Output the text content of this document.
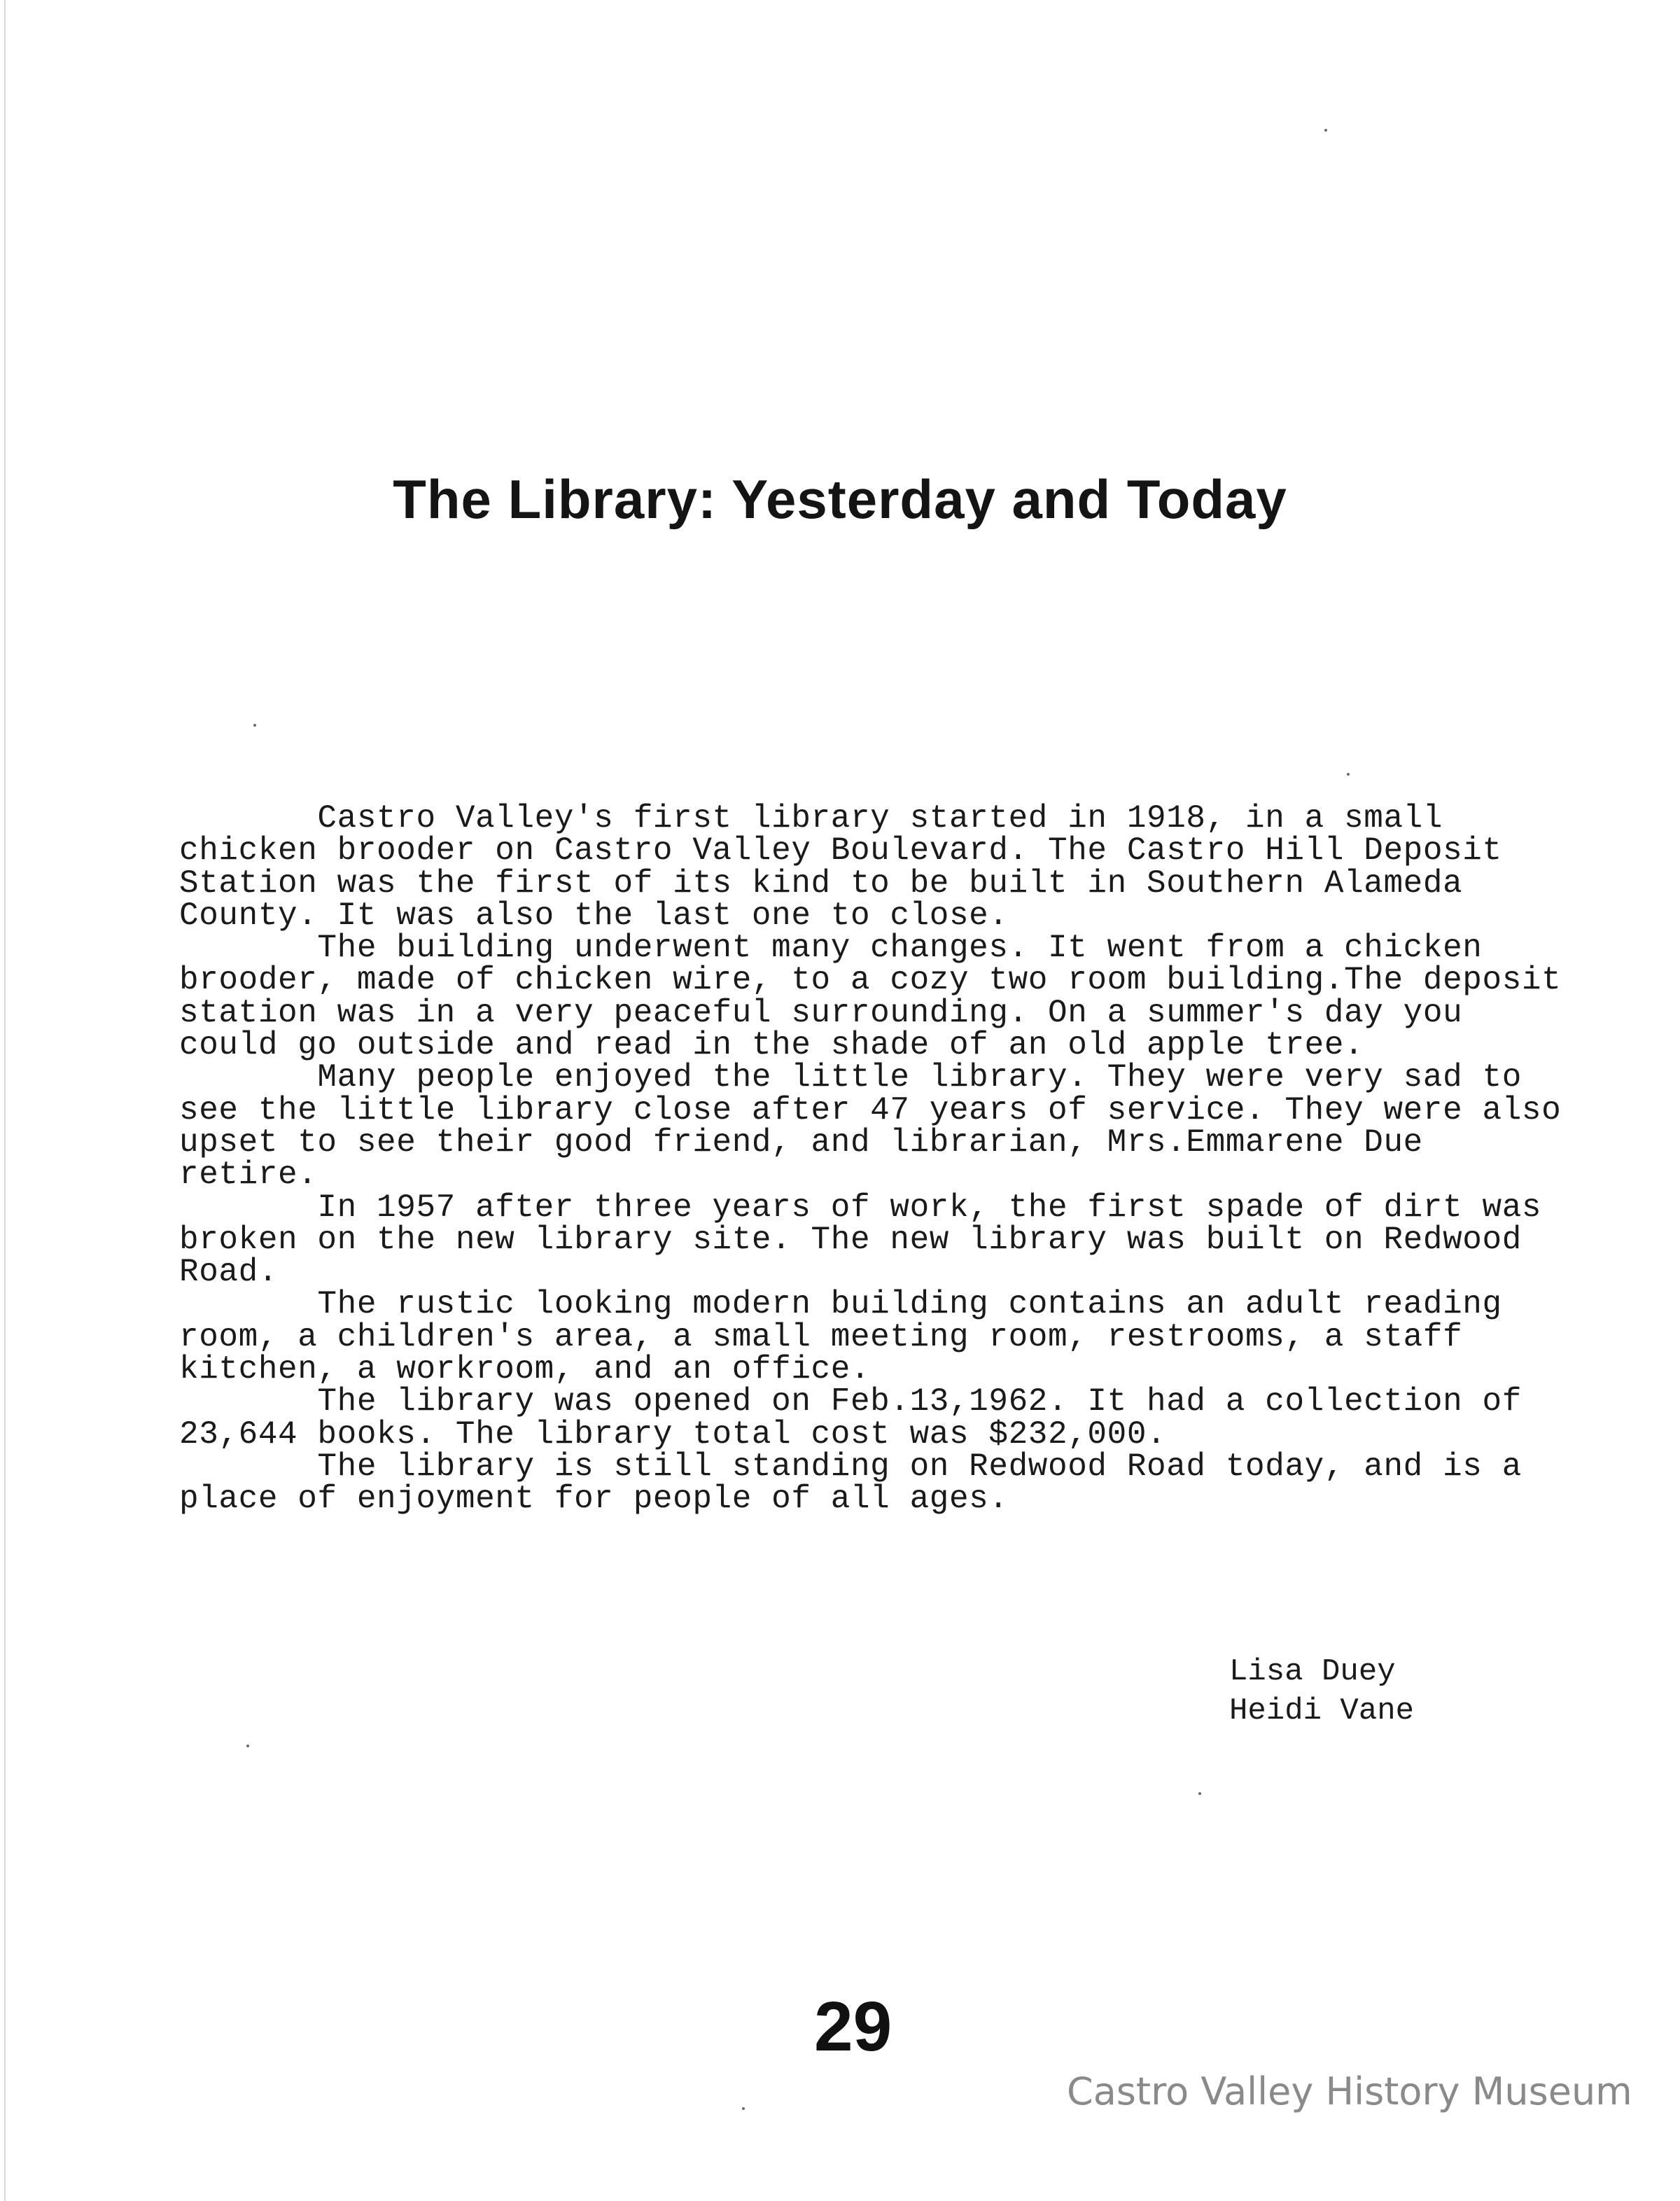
The Library: Yesterday and Today
Castro Valley's first library started in 1918, in a small
chicken brooder on Castro Valley Boulevard. The Castro Hill Deposit
Station was the first of its kind to be built in Southern Alameda
County. It was also the last one to close.
The building underwent many changes. It went from a chicken
brooder, made of chicken wire, to a cozy two room building.The deposit
station was in a very peaceful surrounding. On a summer's day you
could go outside and read in the shade of an old apple tree.
Many people enjoyed the little library. They were very sad to
see the little library close after 47 years of service. They were also
upset to see their good friend, and librarian, Mrs.Emmarene Due
retire.
In 1957 after three years of work, the first spade of dirt was
broken on the new library site. The new library was built on Redwood
Road.
The rustic looking modern building contains an adult reading
room, a children's area, a small meeting room, restrooms, a staff
kitchen, a workroom, and an office.
The library was opened on Feb.13,1962. It had a collection of
23,644 books. The library total cost was $232,000.
The library is still standing on Redwood Road today, and is a
place of enjoyment for people of all ages.
Lisa Duey
Heidi Vane
29
Castro Valley History Museum
